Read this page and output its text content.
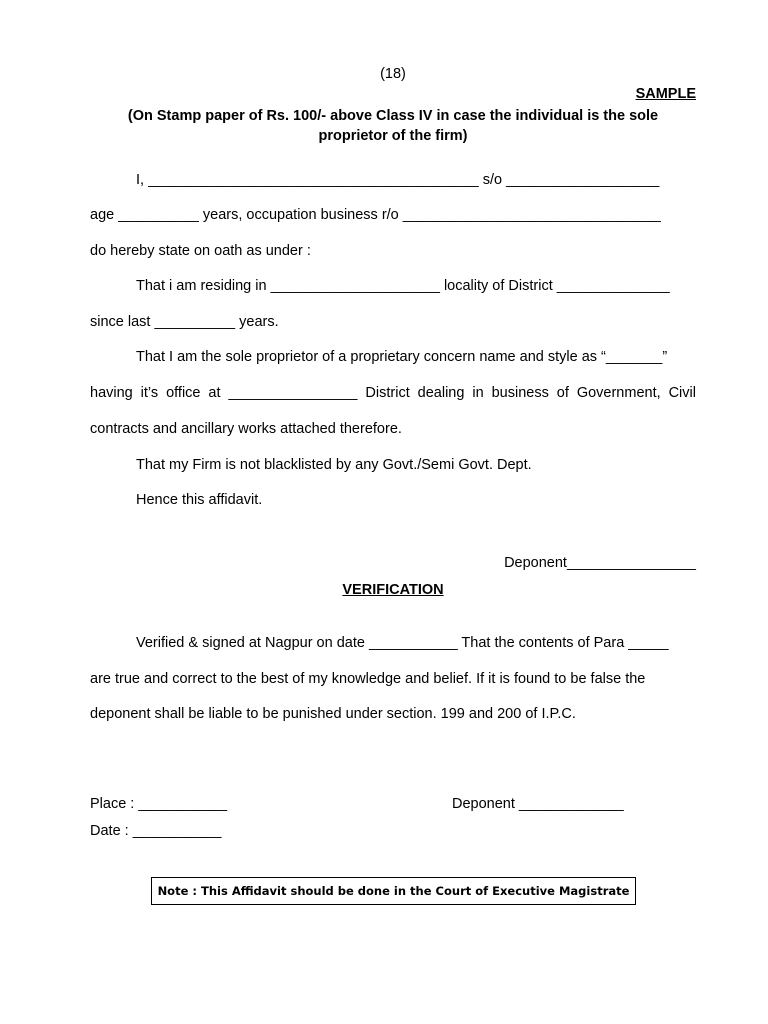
(18)
SAMPLE
(On Stamp paper of Rs. 100/- above Class IV in case the individual is the sole
proprietor of the firm)
I, _________________________________________ s/o ___________________
age __________ years, occupation business r/o ________________________________
do hereby state on oath as under :
That i am residing in _____________________ locality of District ______________
since last __________ years.
That I am the sole proprietor of a proprietary concern name and style as “_______”
having it’s office at ________________ District dealing in business of Government, Civil
contracts and ancillary works attached therefore.
That my Firm is not blacklisted by any Govt./Semi Govt. Dept.
Hence this affidavit.
Deponent________________
VERIFICATION
Verified & signed at Nagpur on date ___________ That the contents of Para _____
are true and correct to the best of my knowledge and belief. If it is found to be false the
deponent shall be liable to be punished under section. 199 and 200 of I.P.C.
Place : ___________	Deponent _____________
Date : ___________
Note : This Affidavit should be done in the Court of Executive Magistrate
